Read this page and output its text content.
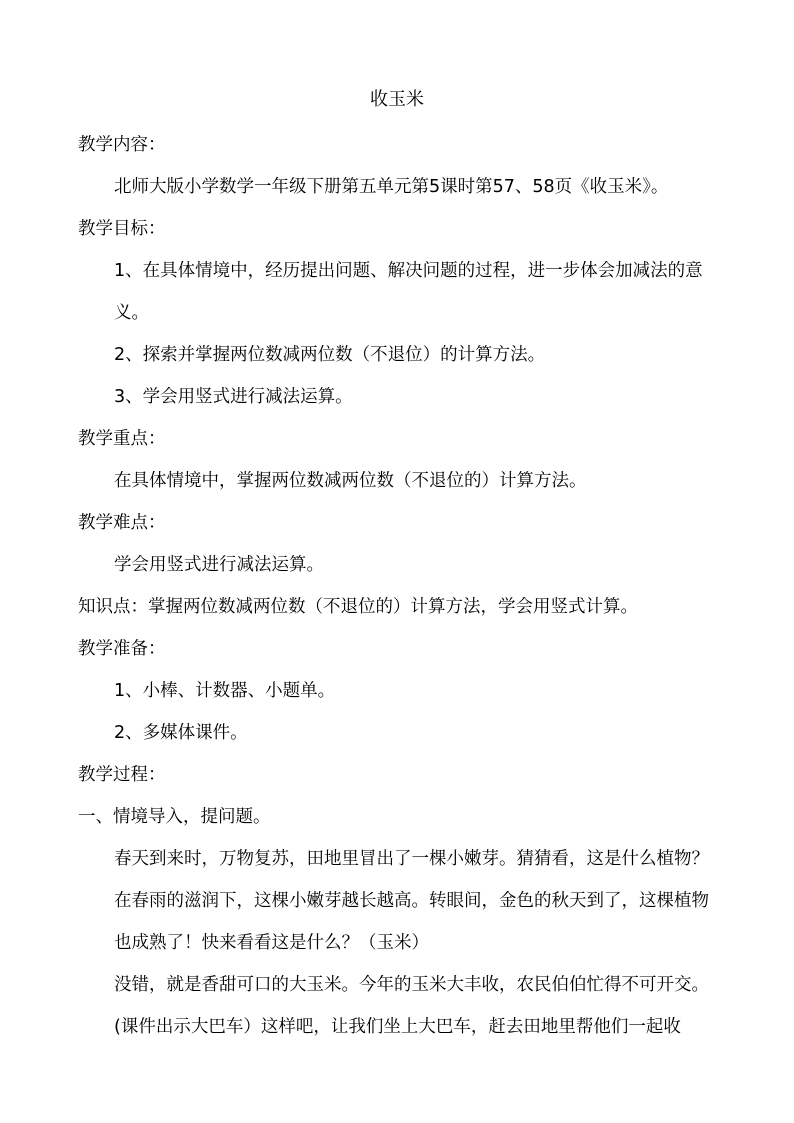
收玉米

教学内容：

北师大版小学数学一年级下册第五单元第5课时第57、58页《收玉米》。

教学目标：

1、在具体情境中，经历提出问题、解决问题的过程，进一步体会加减法的意义。

2、探索并掌握两位数减两位数（不退位）的计算方法。

3、学会用竖式进行减法运算。

教学重点：

在具体情境中，掌握两位数减两位数（不退位的）计算方法。

教学难点：

学会用竖式进行减法运算。

知识点：掌握两位数减两位数（不退位的）计算方法，学会用竖式计算。

教学准备：

1、小棒、计数器、小题单。

2、多媒体课件。

教学过程：

一、情境导入，提问题。

春天到来时，万物复苏，田地里冒出了一棵小嫩芽。猜猜看，这是什么植物？在春雨的滋润下，这棵小嫩芽越长越高。转眼间，金色的秋天到了，这棵植物也成熟了！快来看看这是什么？（玉米）

没错，就是香甜可口的大玉米。今年的玉米大丰收，农民伯伯忙得不可开交。(课件出示大巴车）这样吧，让我们坐上大巴车，赶去田地里帮他们一起收
